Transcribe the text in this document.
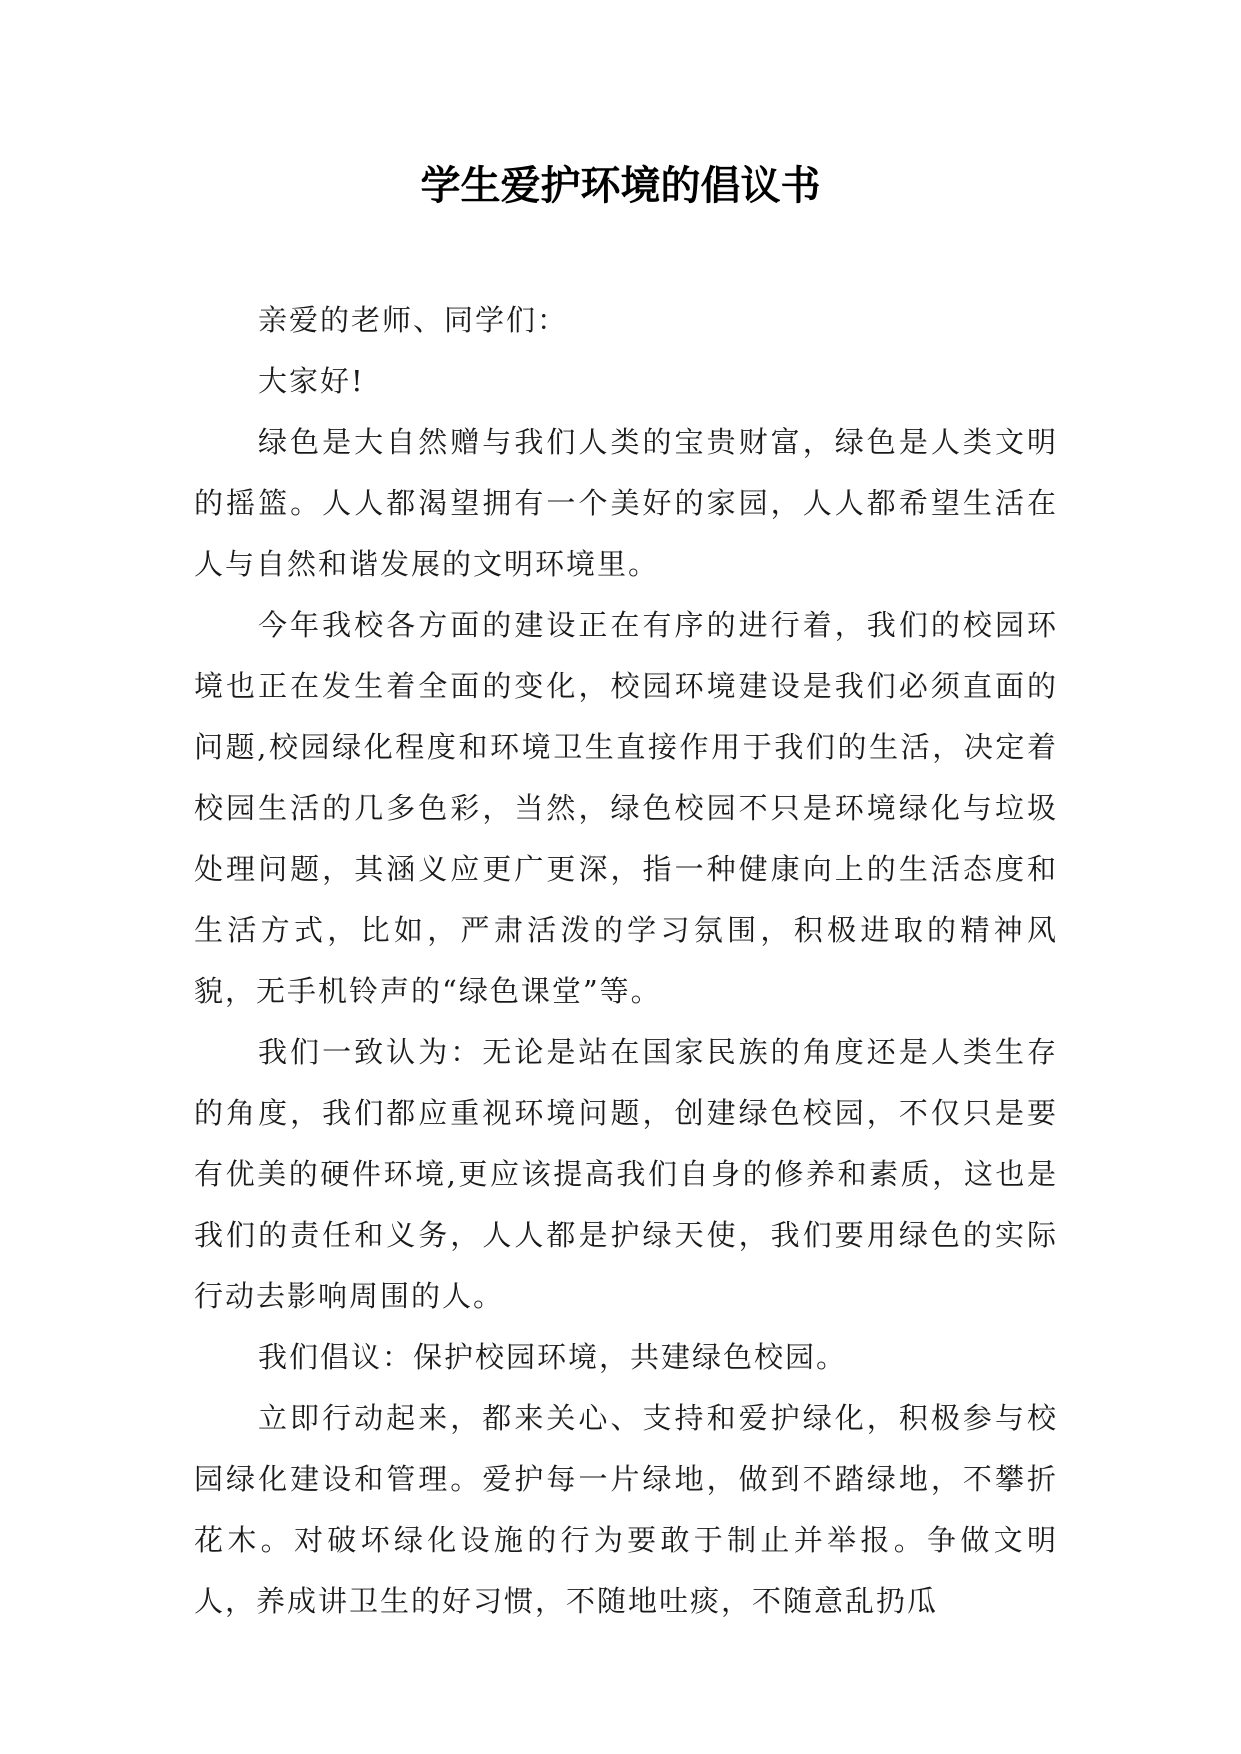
学生爱护环境的倡议书

亲爱的老师、同学们：

大家好!

绿色是大自然赠与我们人类的宝贵财富，绿色是人类文明的摇篮。人人都渴望拥有一个美好的家园，人人都希望生活在人与自然和谐发展的文明环境里。

今年我校各方面的建设正在有序的进行着，我们的校园环境也正在发生着全面的变化，校园环境建设是我们必须直面的问题,校园绿化程度和环境卫生直接作用于我们的生活，决定着校园生活的几多色彩，当然，绿色校园不只是环境绿化与垃圾处理问题，其涵义应更广更深，指一种健康向上的生活态度和生活方式，比如，严肃活泼的学习氛围，积极进取的精神风貌，无手机铃声的“绿色课堂”等。

我们一致认为：无论是站在国家民族的角度还是人类生存的角度，我们都应重视环境问题，创建绿色校园，不仅只是要有优美的硬件环境,更应该提高我们自身的修养和素质，这也是我们的责任和义务，人人都是护绿天使，我们要用绿色的实际行动去影响周围的人。

我们倡议：保护校园环境，共建绿色校园。

立即行动起来，都来关心、支持和爱护绿化，积极参与校园绿化建设和管理。爱护每一片绿地，做到不踏绿地，不攀折花木。对破坏绿化设施的行为要敢于制止并举报。争做文明人，养成讲卫生的好习惯，不随地吐痰，不随意乱扔瓜
